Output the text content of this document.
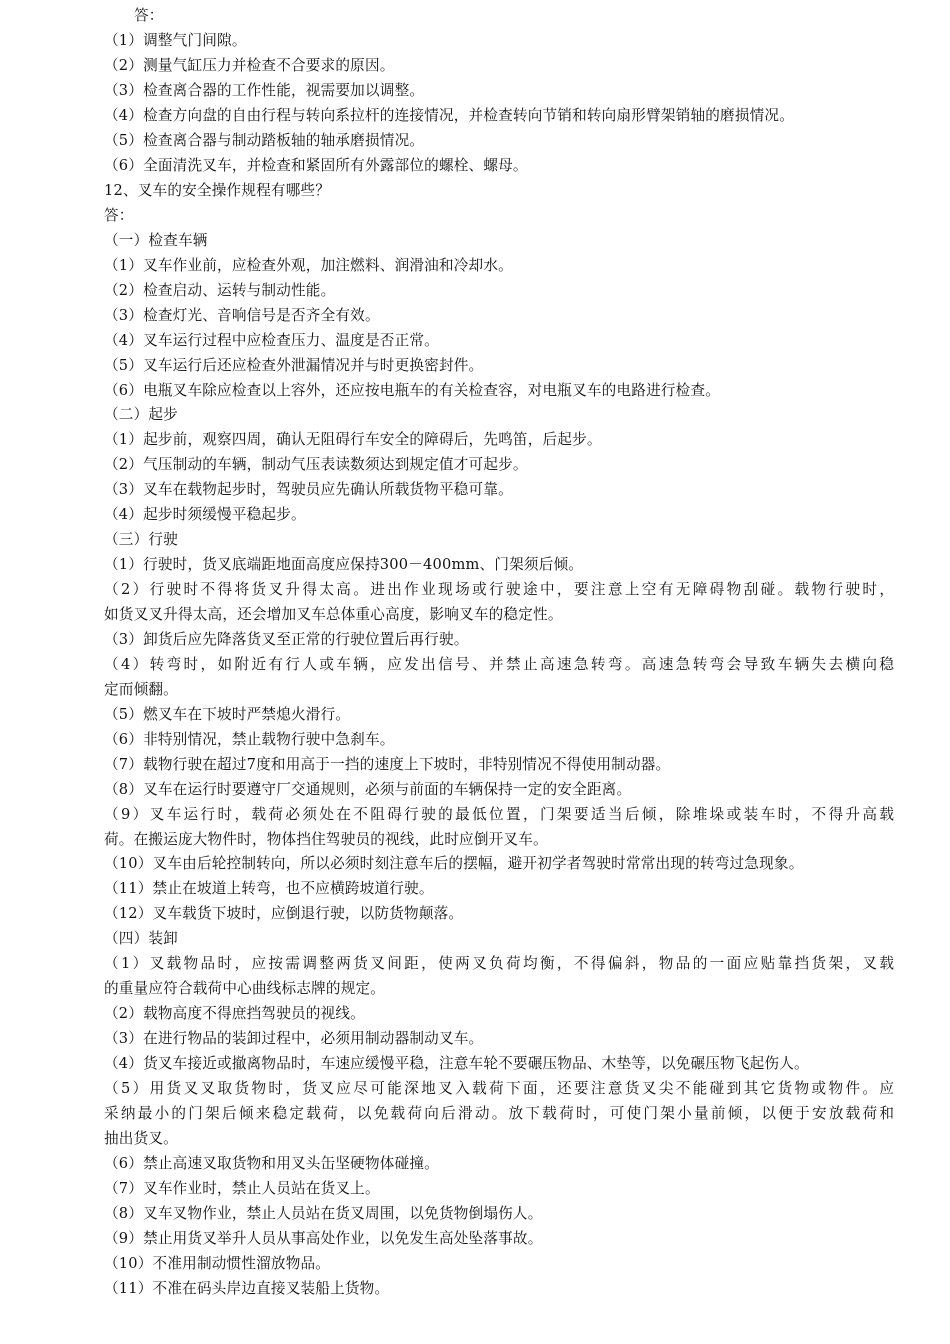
答：
（1）调整气门间隙。
（2）测量气缸压力并检查不合要求的原因。
（3）检查离合器的工作性能，视需要加以调整。
（4）检查方向盘的自由行程与转向系拉杆的连接情况，并检查转向节销和转向扇形臂架销轴的磨损情况。
（5）检查离合器与制动踏板轴的轴承磨损情况。
（6）全面清洗叉车，并检查和紧固所有外露部位的螺栓、螺母。
12、叉车的安全操作规程有哪些？
答：
（一）检查车辆
（1）叉车作业前，应检查外观，加注燃料、润滑油和冷却水。
（2）检查启动、运转与制动性能。
（3）检查灯光、音响信号是否齐全有效。
（4）叉车运行过程中应检查压力、温度是否正常。
（5）叉车运行后还应检查外泄漏情况并与时更换密封件。
（6）电瓶叉车除应检查以上容外，还应按电瓶车的有关检查容，对电瓶叉车的电路进行检查。
（二）起步
（1）起步前，观察四周，确认无阻碍行车安全的障碍后，先鸣笛，后起步。
（2）气压制动的车辆，制动气压表读数须达到规定值才可起步。
（3）叉车在载物起步时，驾驶员应先确认所载货物平稳可靠。
（4）起步时须缓慢平稳起步。
（三）行驶
（1）行驶时，货叉底端距地面高度应保持300－400mm、门架须后倾。
（2）行驶时不得将货叉升得太高。进出作业现场或行驶途中，要注意上空有无障碍物刮碰。载物行驶时，
如货叉叉升得太高，还会增加叉车总体重心高度，影响叉车的稳定性。
（3）卸货后应先降落货叉至正常的行驶位置后再行驶。
（4）转弯时，如附近有行人或车辆，应发出信号、并禁止高速急转弯。高速急转弯会导致车辆失去横向稳
定而倾翻。
（5）燃叉车在下坡时严禁熄火滑行。
（6）非特别情况，禁止载物行驶中急刹车。
（7）载物行驶在超过7度和用高于一挡的速度上下坡时，非特别情况不得使用制动器。
（8）叉车在运行时要遵守厂交通规则，必须与前面的车辆保持一定的安全距离。
（9）叉车运行时，载荷必须处在不阻碍行驶的最低位置，门架要适当后倾，除堆垛或装车时，不得升高载
荷。在搬运庞大物件时，物体挡住驾驶员的视线，此时应倒开叉车。
（10）叉车由后轮控制转向，所以必须时刻注意车后的摆幅，避开初学者驾驶时常常出现的转弯过急现象。
（11）禁止在坡道上转弯，也不应横跨坡道行驶。
（12）叉车载货下坡时，应倒退行驶，以防货物颠落。
（四）装卸
（1）叉载物品时，应按需调整两货叉间距，使两叉负荷均衡，不得偏斜，物品的一面应贴靠挡货架，叉载
的重量应符合载荷中心曲线标志牌的规定。
（2）载物高度不得庶挡驾驶员的视线。
（3）在进行物品的装卸过程中，必须用制动器制动叉车。
（4）货叉车接近或撤离物品时，车速应缓慢平稳，注意车轮不要碾压物品、木垫等，以免碾压物飞起伤人。
（5）用货叉叉取货物时，货叉应尽可能深地叉入载荷下面，还要注意货叉尖不能碰到其它货物或物件。应
采纳最小的门架后倾来稳定载荷，以免载荷向后滑动。放下载荷时，可使门架小量前倾，以便于安放载荷和
抽出货叉。
（6）禁止高速叉取货物和用叉头缶坚硬物体碰撞。
（7）叉车作业时，禁止人员站在货叉上。
（8）叉车叉物作业，禁止人员站在货叉周围，以免货物倒塌伤人。
（9）禁止用货叉举升人员从事高处作业，以免发生高处坠落事故。
（10）不准用制动惯性溜放物品。
（11）不准在码头岸边直接叉装船上货物。
